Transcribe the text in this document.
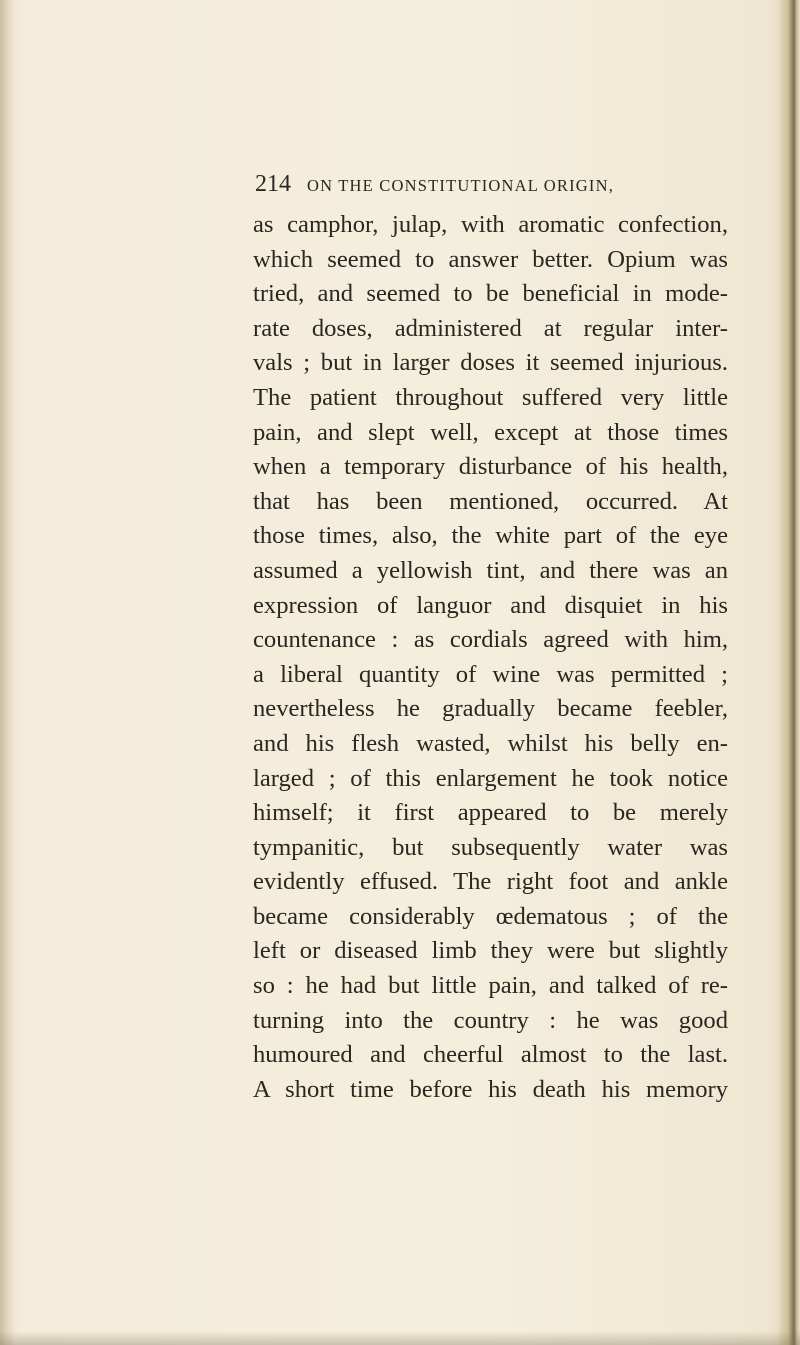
214 ON THE CONSTITUTIONAL ORIGIN,
as camphor, julap, with aromatic confection,
which seemed to answer better. Opium was
tried, and seemed to be beneficial in mode-
rate doses, administered at regular inter-
vals ; but in larger doses it seemed injurious.
The patient throughout suffered very little
pain, and slept well, except at those times
when a temporary disturbance of his health,
that has been mentioned, occurred. At
those times, also, the white part of the eye
assumed a yellowish tint, and there was an
expression of languor and disquiet in his
countenance : as cordials agreed with him,
a liberal quantity of wine was permitted ;
nevertheless he gradually became feebler,
and his flesh wasted, whilst his belly en-
larged ; of this enlargement he took notice
himself; it first appeared to be merely
tympanitic, but subsequently water was
evidently effused. The right foot and ankle
became considerably œdematous ; of the
left or diseased limb they were but slightly
so : he had but little pain, and talked of re-
turning into the country : he was good
humoured and cheerful almost to the last.
A short time before his death his memory
